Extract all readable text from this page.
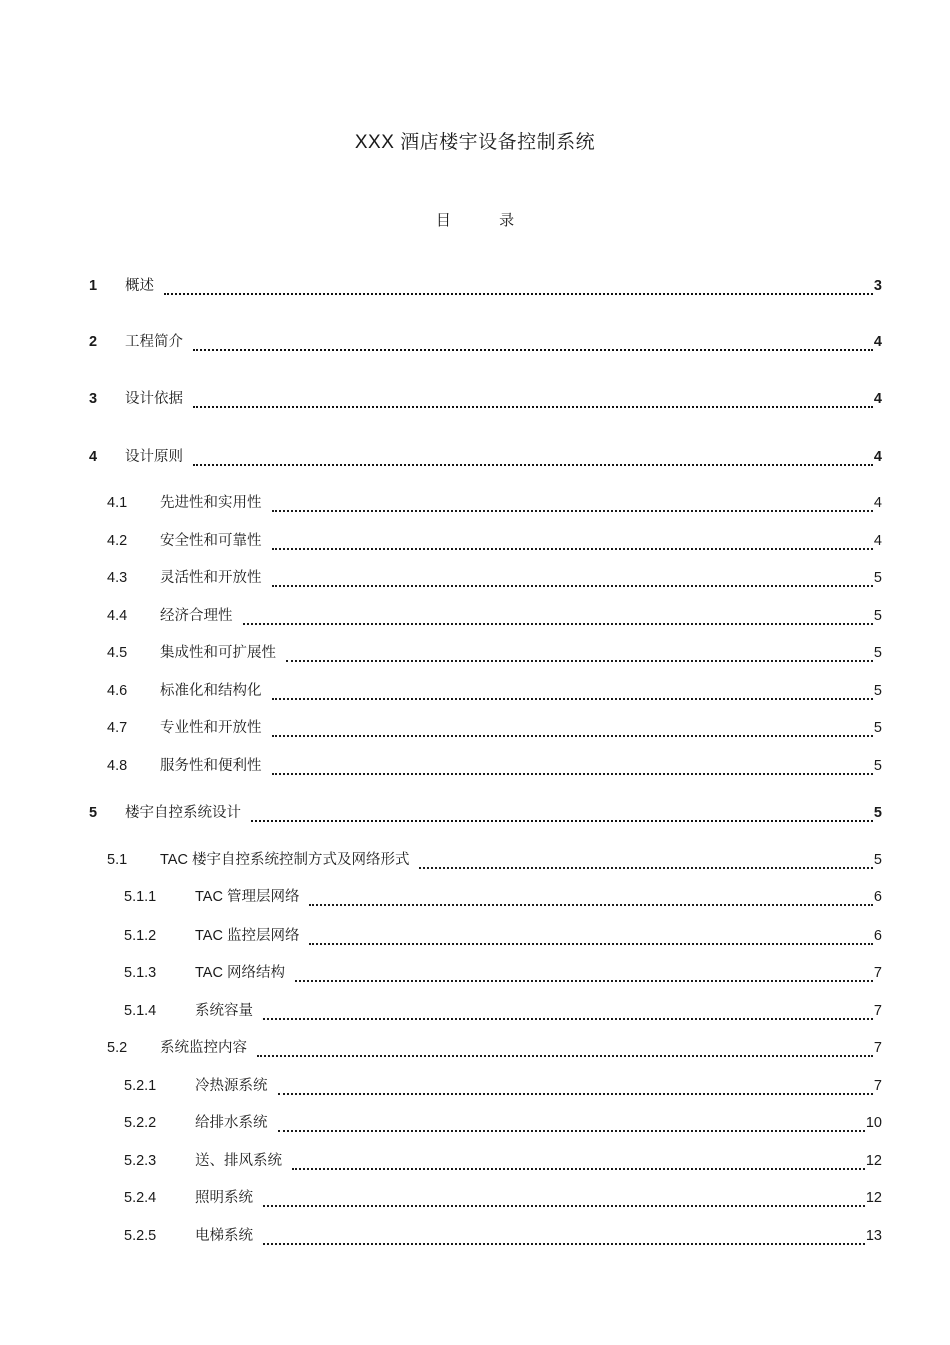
XXX 酒店楼宇设备控制系统
目 录
1 概述	3
2 工程简介	4
3 设计依据	4
4 设计原则	4
4.1 先进性和实用性	4
4.2 安全性和可靠性	4
4.3 灵活性和开放性	5
4.4 经济合理性	5
4.5 集成性和可扩展性	5
4.6 标准化和结构化	5
4.7 专业性和开放性	5
4.8 服务性和便利性	5
5 楼宇自控系统设计	5
5.1 TAC 楼宇自控系统控制方式及网络形式	5
5.1.1	TAC 管理层网络	6
5.1.2	TAC 监控层网络	6
5.1.3	TAC 网络结构	7
5.1.4	系统容量	7
5.2 系统监控内容	7
5.2.1	冷热源系统	7
5.2.2	给排水系统	10
5.2.3	送、排风系统	12
5.2.4	照明系统	12
5.2.5	电梯系统	13
